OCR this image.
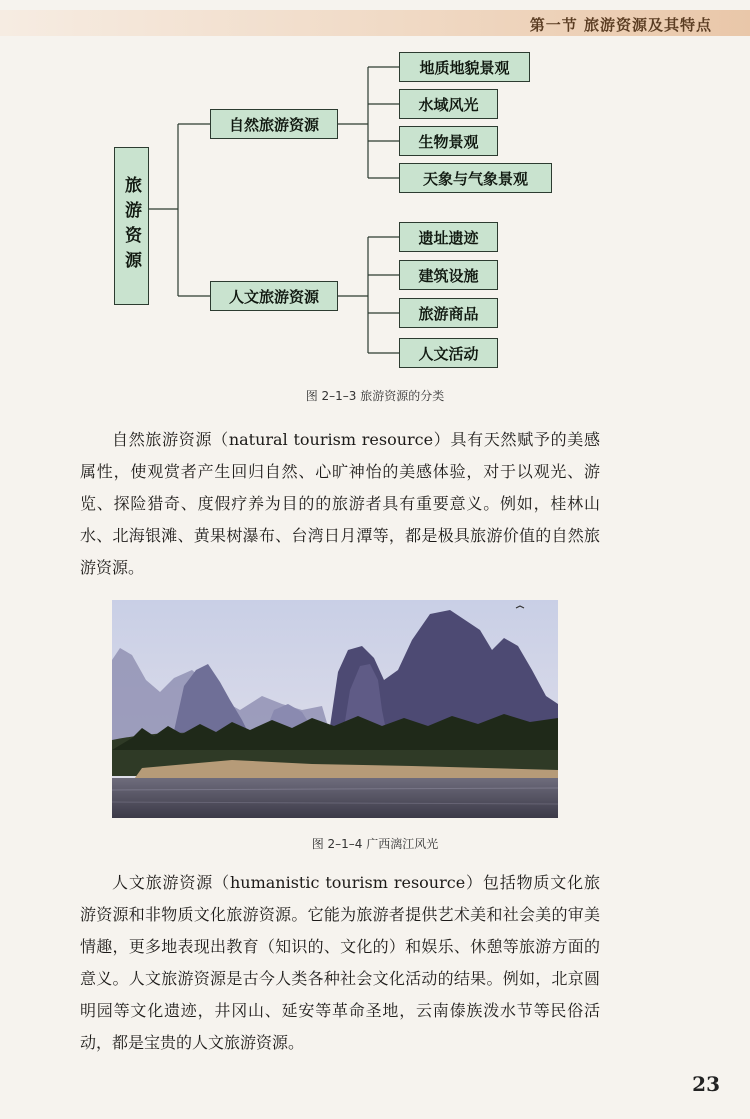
第一节 旅游资源及其特点
旅游资源
自然旅游资源
人文旅游资源
地质地貌景观
水域风光
生物景观
天象与气象景观
遗址遗迹
建筑设施
旅游商品
人文活动
图 2–1–3 旅游资源的分类

自然旅游资源（natural tourism resource）具有天然赋予的美感属性，使观赏者产生回归自然、心旷神怡的美感体验，对于以观光、游览、探险猎奇、度假疗养为目的的旅游者具有重要意义。例如，桂林山水、北海银滩、黄果树瀑布、台湾日月潭等，都是极具旅游价值的自然旅游资源。

图 2–1–4 广西漓江风光

人文旅游资源（humanistic tourism resource）包括物质文化旅游资源和非物质文化旅游资源。它能为旅游者提供艺术美和社会美的审美情趣，更多地表现出教育（知识的、文化的）和娱乐、休憩等旅游方面的意义。人文旅游资源是古今人类各种社会文化活动的结果。例如，北京圆明园等文化遗迹，井冈山、延安等革命圣地，云南傣族泼水节等民俗活动，都是宝贵的人文旅游资源。

23
